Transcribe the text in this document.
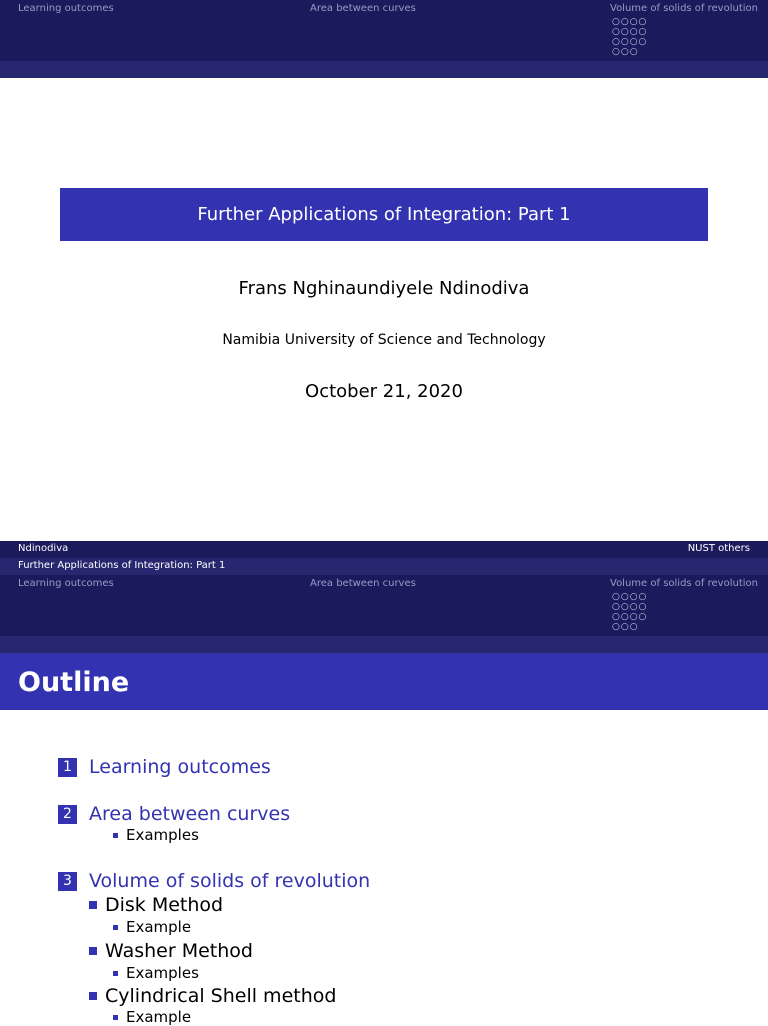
Learning outcomes	Area between curves	Volume of solids of revolution
○○○○
○○○○
○○○○
○○○
Further Applications of Integration: Part 1
Frans Nghinaundiyele Ndinodiva
Namibia University of Science and Technology
October 21, 2020
Ndinodiva	NUST others
Further Applications of Integration: Part 1
Learning outcomes	Area between curves	Volume of solids of revolution
○○○○
○○○○
○○○○
○○○
Outline
1 Learning outcomes
2 Area between curves
Examples
3 Volume of solids of revolution
Disk Method
Example
Washer Method
Examples
Cylindrical Shell method
Example
